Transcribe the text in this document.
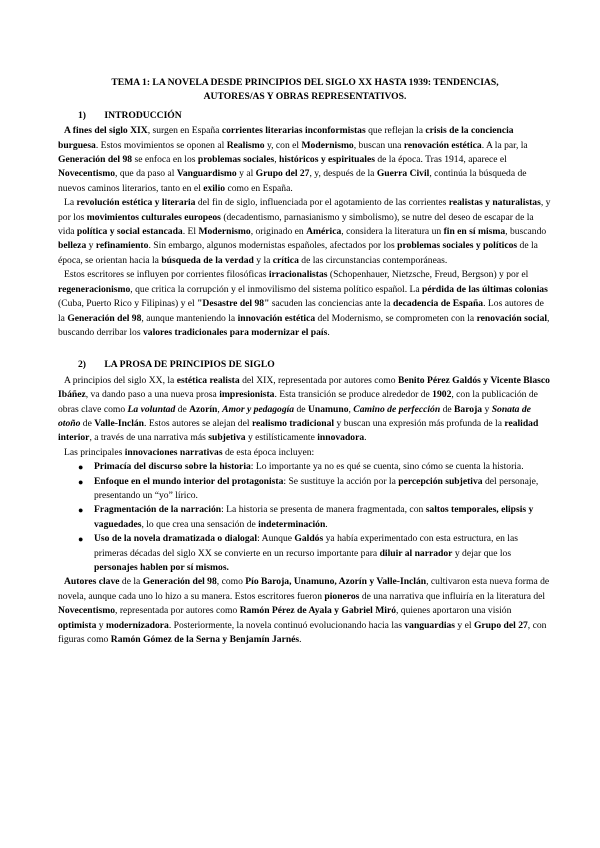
TEMA 1: LA NOVELA DESDE PRINCIPIOS DEL SIGLO XX HASTA 1939: TENDENCIAS,
AUTORES/AS Y OBRAS REPRESENTATIVOS.
1) INTRODUCCIÓN

A fines del siglo XIX, surgen en España corrientes literarias inconformistas que reflejan la crisis de la conciencia burguesa. Estos movimientos se oponen al Realismo y, con el Modernismo, buscan una renovación estética. A la par, la Generación del 98 se enfoca en los problemas sociales, históricos y espirituales de la época. Tras 1914, aparece el Novecentismo, que da paso al Vanguardismo y al Grupo del 27, y, después de la Guerra Civil, continúa la búsqueda de nuevos caminos literarios, tanto en el exilio como en España.

La revolución estética y literaria del fin de siglo, influenciada por el agotamiento de las corrientes realistas y naturalistas, y por los movimientos culturales europeos (decadentismo, parnasianismo y simbolismo), se nutre del deseo de escapar de la vida política y social estancada. El Modernismo, originado en América, considera la literatura un fin en sí misma, buscando belleza y refinamiento. Sin embargo, algunos modernistas españoles, afectados por los problemas sociales y políticos de la época, se orientan hacia la búsqueda de la verdad y la crítica de las circunstancias contemporáneas.

Estos escritores se influyen por corrientes filosóficas irracionalistas (Schopenhauer, Nietzsche, Freud, Bergson) y por el regeneracionismo, que critica la corrupción y el inmovilismo del sistema político español. La pérdida de las últimas colonias (Cuba, Puerto Rico y Filipinas) y el "Desastre del 98" sacuden las conciencias ante la decadencia de España. Los autores de la Generación del 98, aunque manteniendo la innovación estética del Modernismo, se comprometen con la renovación social, buscando derribar los valores tradicionales para modernizar el país.

2) LA PROSA DE PRINCIPIOS DE SIGLO

A principios del siglo XX, la estética realista del XIX, representada por autores como Benito Pérez Galdós y Vicente Blasco Ibáñez, va dando paso a una nueva prosa impresionista. Esta transición se produce alrededor de 1902, con la publicación de obras clave como La voluntad de Azorín, Amor y pedagogía de Unamuno, Camino de perfección de Baroja y Sonata de otoño de Valle-Inclán. Estos autores se alejan del realismo tradicional y buscan una expresión más profunda de la realidad interior, a través de una narrativa más subjetiva y estilísticamente innovadora.

Las principales innovaciones narrativas de esta época incluyen:

● Primacía del discurso sobre la historia: Lo importante ya no es qué se cuenta, sino cómo se cuenta la historia.
● Enfoque en el mundo interior del protagonista: Se sustituye la acción por la percepción subjetiva del personaje, presentando un “yo” lírico.
● Fragmentación de la narración: La historia se presenta de manera fragmentada, con saltos temporales, elipsis y vaguedades, lo que crea una sensación de indeterminación.
● Uso de la novela dramatizada o dialogal: Aunque Galdós ya había experimentado con esta estructura, en las primeras décadas del siglo XX se convierte en un recurso importante para diluir al narrador y dejar que los personajes hablen por sí mismos.

Autores clave de la Generación del 98, como Pío Baroja, Unamuno, Azorín y Valle-Inclán, cultivaron esta nueva forma de novela, aunque cada uno lo hizo a su manera. Estos escritores fueron pioneros de una narrativa que influiría en la literatura del Novecentismo, representada por autores como Ramón Pérez de Ayala y Gabriel Miró, quienes aportaron una visión optimista y modernizadora. Posteriormente, la novela continuó evolucionando hacia las vanguardias y el Grupo del 27, con figuras como Ramón Gómez de la Serna y Benjamín Jarnés.
